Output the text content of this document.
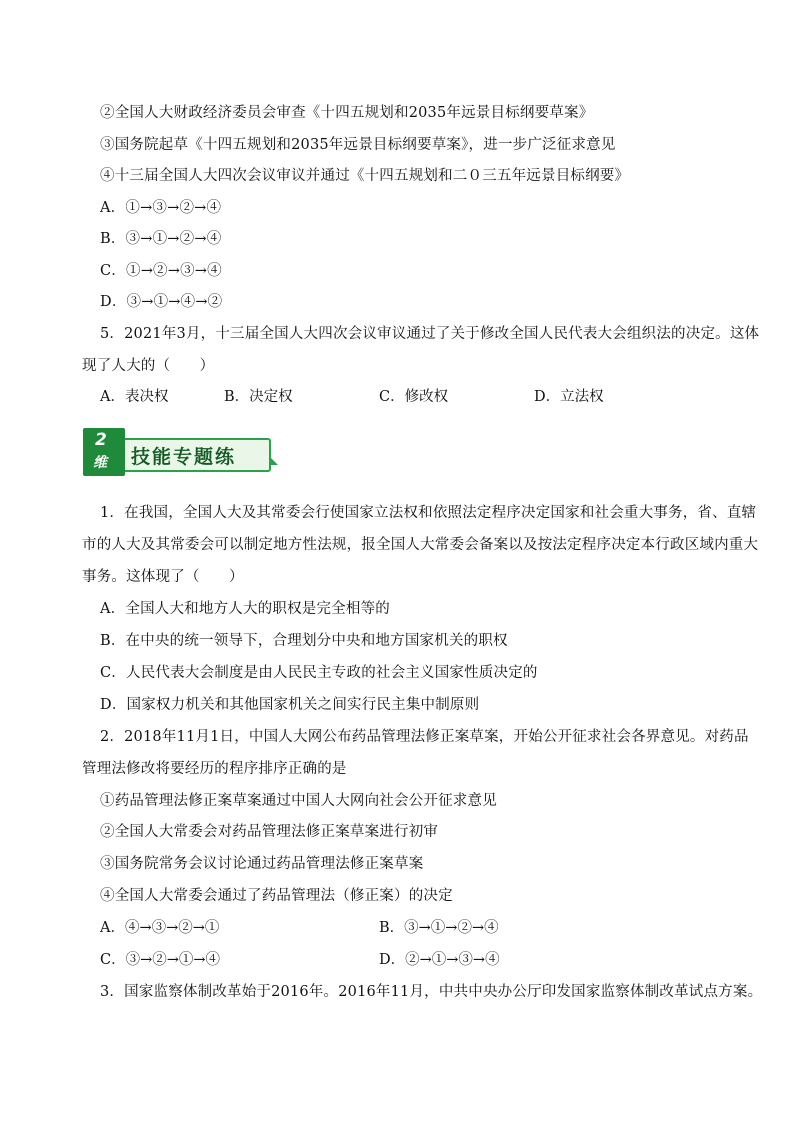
②全国人大财政经济委员会审查《十四五规划和2035年远景目标纲要草案》
③国务院起草《十四五规划和2035年远景目标纲要草案》，进一步广泛征求意见
④十三届全国人大四次会议审议并通过《十四五规划和二０三五年远景目标纲要》
A．①→③→②→④
B．③→①→②→④
C．①→②→③→④
D．③→①→④→②
5．2021年3月，十三届全国人大四次会议审议通过了关于修改全国人民代表大会组织法的决定。这体
现了人大的（　　）
A．表决权	B．决定权	C．修改权	D．立法权
技能专题练
2
维
1．在我国，全国人大及其常委会行使国家立法权和依照法定程序决定国家和社会重大事务，省、直辖
市的人大及其常委会可以制定地方性法规，报全国人大常委会备案以及按法定程序决定本行政区域内重大
事务。这体现了（　　）
A．全国人大和地方人大的职权是完全相等的
B．在中央的统一领导下，合理划分中央和地方国家机关的职权
C．人民代表大会制度是由人民民主专政的社会主义国家性质决定的
D．国家权力机关和其他国家机关之间实行民主集中制原则
2．2018年11月1日，中国人大网公布药品管理法修正案草案，开始公开征求社会各界意见。对药品
管理法修改将要经历的程序排序正确的是
①药品管理法修正案草案通过中国人大网向社会公开征求意见
②全国人大常委会对药品管理法修正案草案进行初审
③国务院常务会议讨论通过药品管理法修正案草案
④全国人大常委会通过了药品管理法（修正案）的决定
A．④→③→②→①	B．③→①→②→④
C．③→②→①→④	D．②→①→③→④
3．国家监察体制改革始于2016年。2016年11月，中共中央办公厅印发国家监察体制改革试点方案。
